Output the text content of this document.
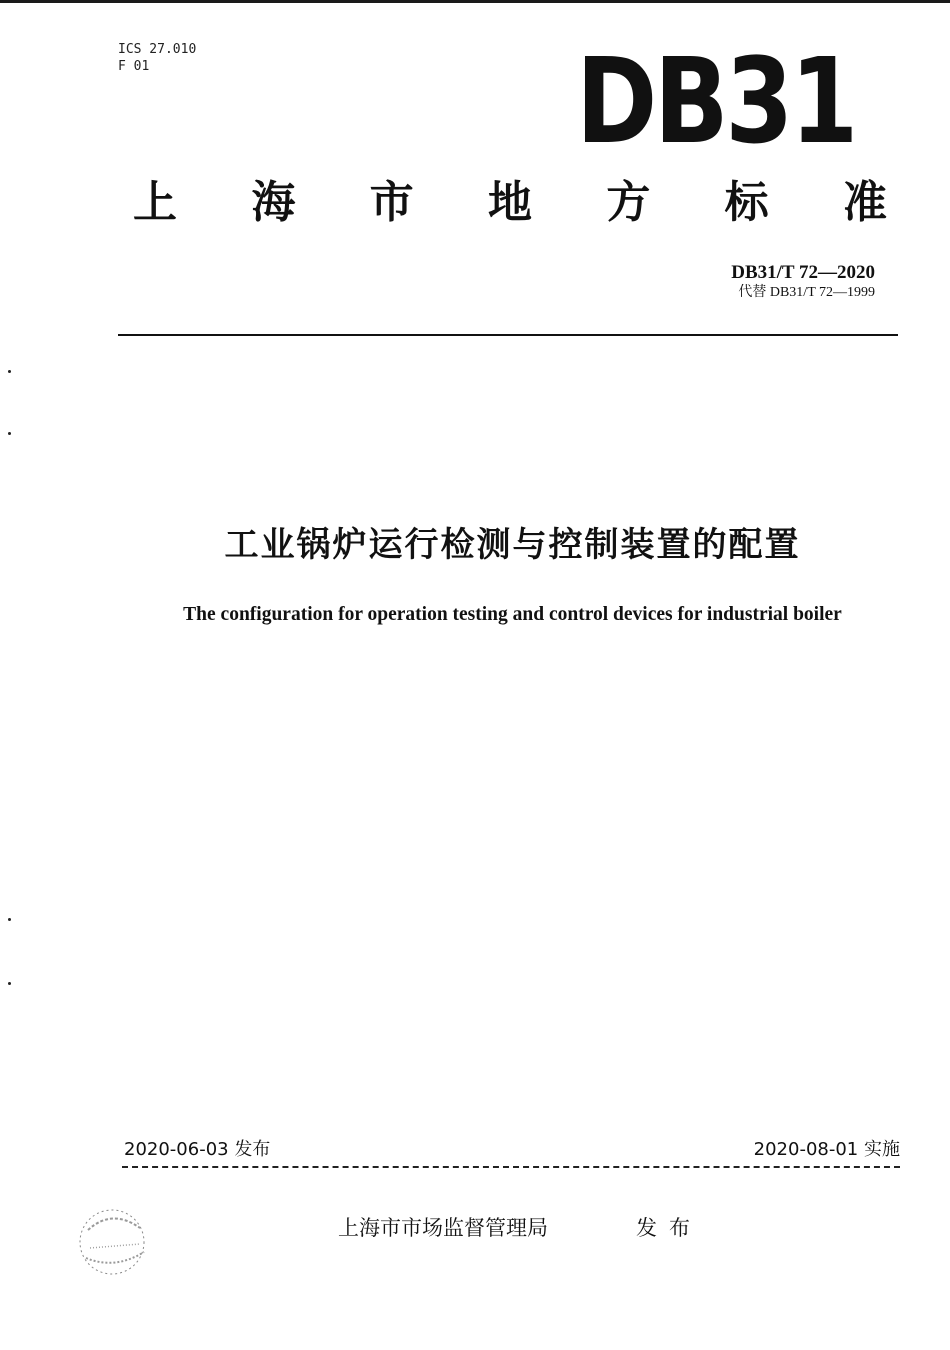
ICS 27.010
F 01	DB31
上 海 市 地 方 标 准
DB31/T 72—2020
代替 DB31/T 72—1999
工业锅炉运行检测与控制装置的配置
The configuration for operation testing and control devices for industrial boiler
2020-06-03 发布	2020-08-01 实施
上海市市场监督管理局	发布
